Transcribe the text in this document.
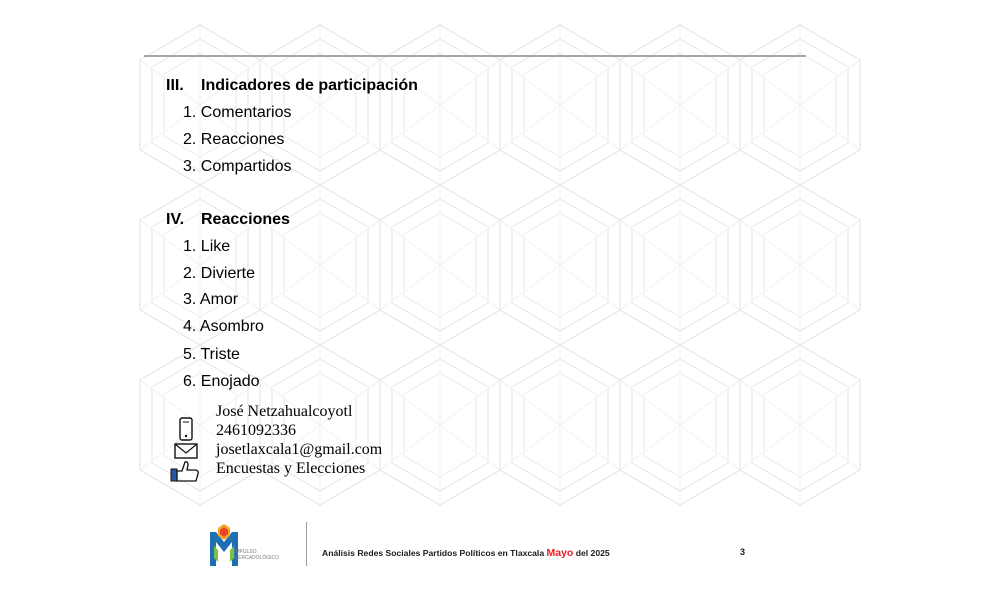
III. Indicadores de participación
1. Comentarios
2. Reacciones
3. Compartidos
IV. Reacciones
1. Like
2. Divierte
3. Amor
4. Asombro
5. Triste
6. Enojado
José Netzahualcoyotl
2461092336
josetlaxcala1@gmail.com
Encuestas y Elecciones
IMPULSO
MERCADOLÓGICO	Análisis Redes Sociales Partidos Políticos en Tlaxcala Mayo del 2025	3
